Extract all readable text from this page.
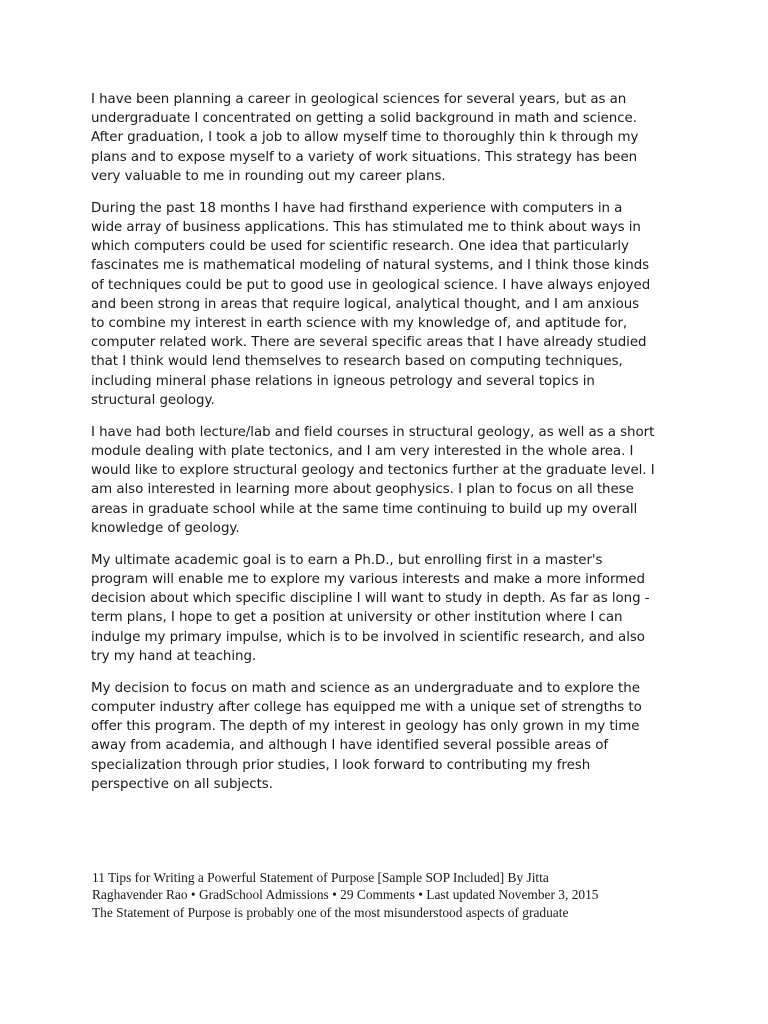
I have been planning a career in geological sciences for several years, but as an
undergraduate I concentrated on getting a solid background in math and science.
After graduation, I took a job to allow myself time to thoroughly thin k through my
plans and to expose myself to a variety of work situations. This strategy has been
very valuable to me in rounding out my career plans.

During the past 18 months I have had firsthand experience with computers in a
wide array of business applications. This has stimulated me to think about ways in
which computers could be used for scientific research. One idea that particularly
fascinates me is mathematical modeling of natural systems, and I think those kinds
of techniques could be put to good use in geological science. I have always enjoyed
and been strong in areas that require logical, analytical thought, and I am anxious
to combine my interest in earth science with my knowledge of, and aptitude for,
computer related work. There are several specific areas that I have already studied
that I think would lend themselves to research based on computing techniques,
including mineral phase relations in igneous petrology and several topics in
structural geology.

I have had both lecture/lab and field courses in structural geology, as well as a short
module dealing with plate tectonics, and I am very interested in the whole area. I
would like to explore structural geology and tectonics further at the graduate level. I
am also interested in learning more about geophysics. I plan to focus on all these
areas in graduate school while at the same time continuing to build up my overall
knowledge of geology.

My ultimate academic goal is to earn a Ph.D., but enrolling first in a master's
program will enable me to explore my various interests and make a more informed
decision about which specific discipline I will want to study in depth. As far as long -
term plans, I hope to get a position at university or other institution where I can
indulge my primary impulse, which is to be involved in scientific research, and also
try my hand at teaching.

My decision to focus on math and science as an undergraduate and to explore the
computer industry after college has equipped me with a unique set of strengths to
offer this program. The depth of my interest in geology has only grown in my time
away from academia, and although I have identified several possible areas of
specialization through prior studies, I look forward to contributing my fresh
perspective on all subjects.

11 Tips for Writing a Powerful Statement of Purpose [Sample SOP Included] By Jitta
Raghavender Rao • GradSchool Admissions • 29 Comments • Last updated November 3, 2015
The Statement of Purpose is probably one of the most misunderstood aspects of graduate
